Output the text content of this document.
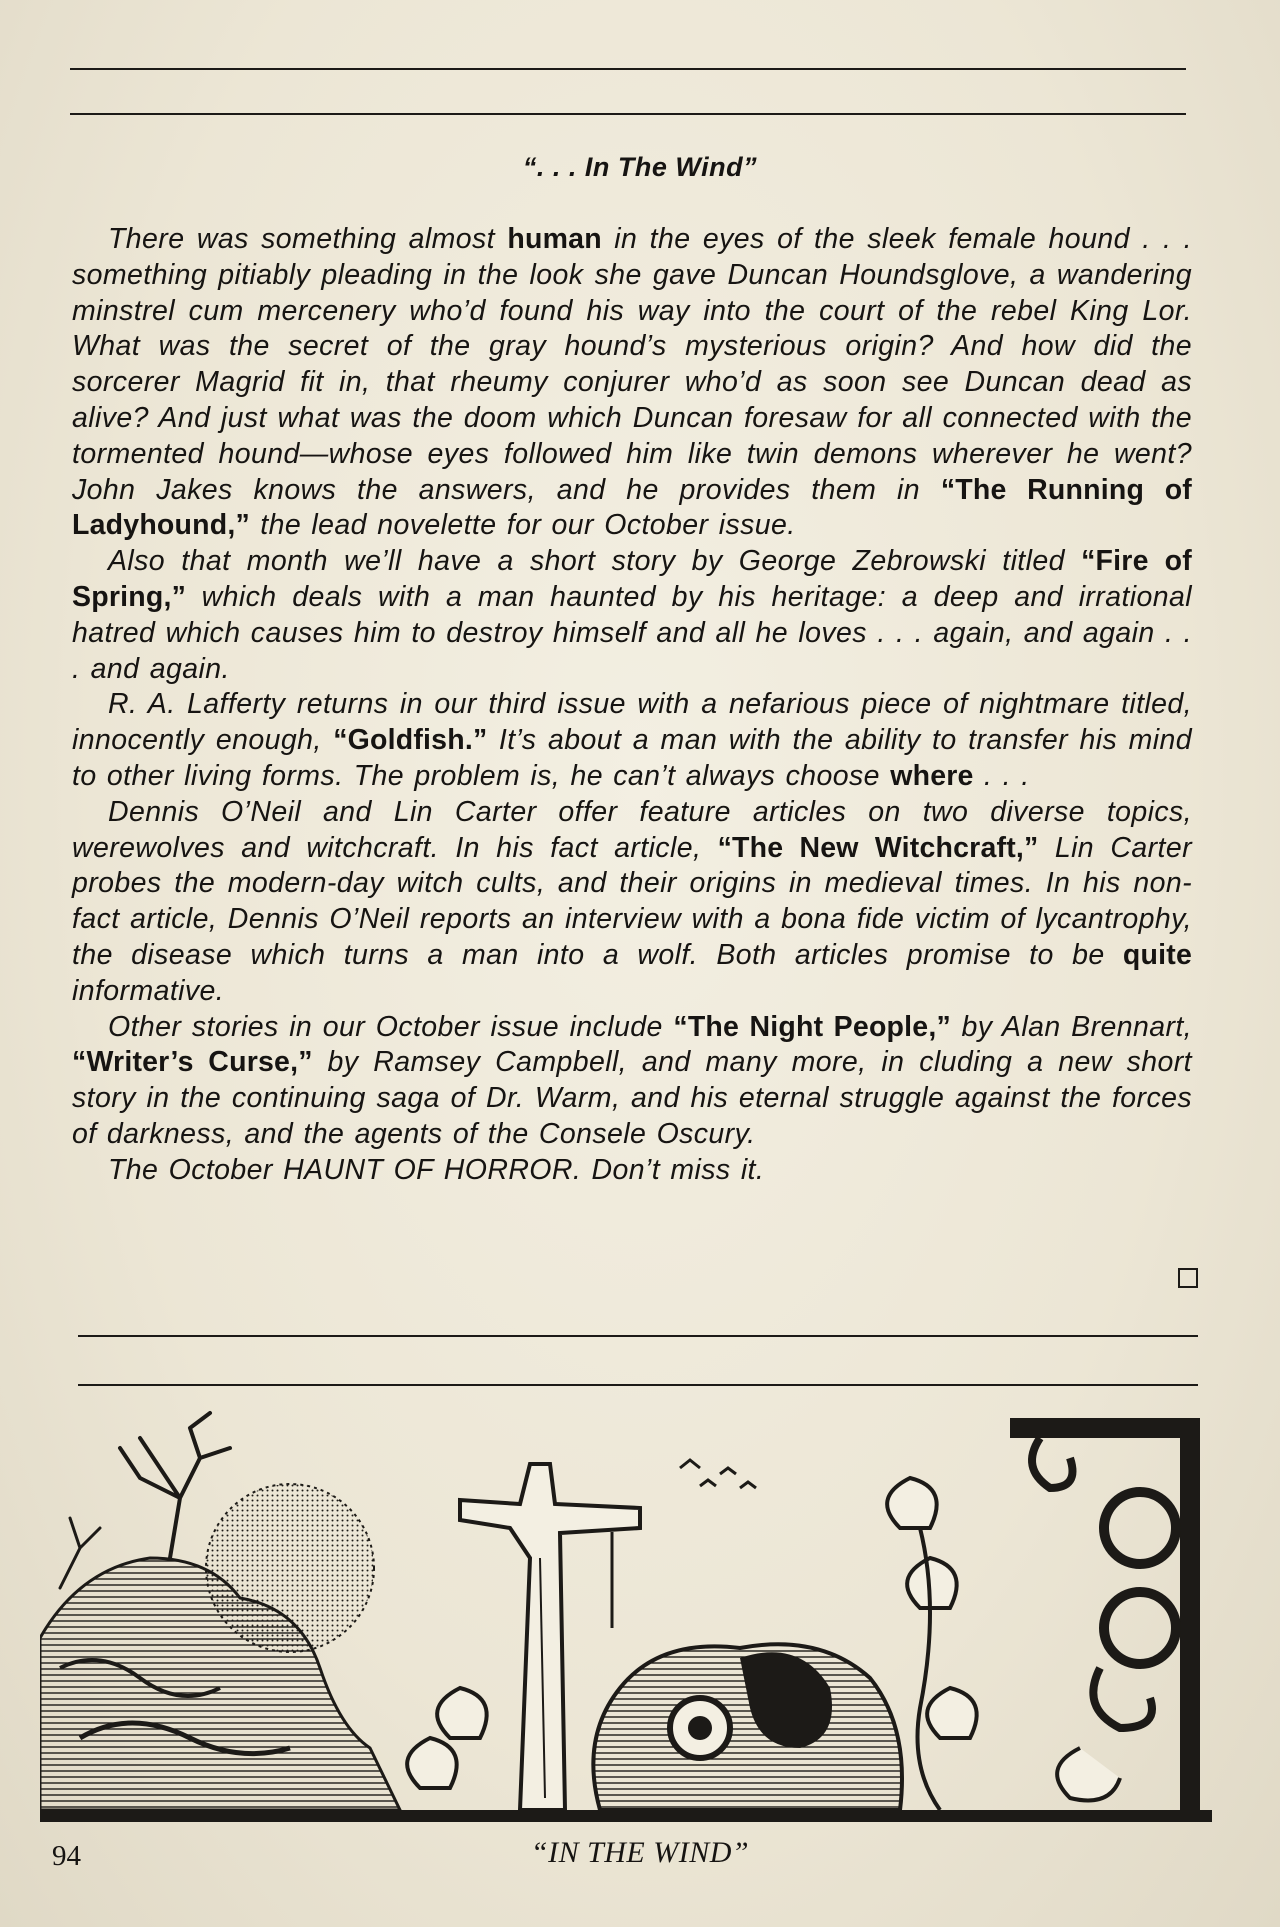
“. . . In The Wind”

There was something almost human in the eyes of the sleek female hound . . . something pitiably pleading in the look she gave Duncan Houndsglove, a wandering minstrel cum mercenery who’d found his way into the court of the rebel King Lor. What was the secret of the gray hound’s mysterious origin? And how did the sorcerer Magrid fit in, that rheumy conjurer who’d as soon see Duncan dead as alive? And just what was the doom which Duncan foresaw for all connected with the tormented hound—whose eyes followed him like twin demons wherever he went? John Jakes knows the answers, and he provides them in “The Running of Ladyhound,” the lead novelette for our October issue.

Also that month we’ll have a short story by George Zebrowski titled “Fire of Spring,” which deals with a man haunted by his heritage: a deep and irrational hatred which causes him to destroy himself and all he loves . . . again, and again . . . and again.

R. A. Lafferty returns in our third issue with a nefarious piece of nightmare titled, innocently enough, “Goldfish.” It’s about a man with the ability to transfer his mind to other living forms. The problem is, he can’t always choose where . . .

Dennis O’Neil and Lin Carter offer feature articles on two diverse topics, werewolves and witchcraft. In his fact article, “The New Witchcraft,” Lin Carter probes the modern-day witch cults, and their origins in medieval times. In his non-fact article, Dennis O’Neil reports an interview with a bona fide victim of lycantrophy, the disease which turns a man into a wolf. Both articles promise to be quite informative.

Other stories in our October issue include “The Night People,” by Alan Brennart, “Writer’s Curse,” by Ramsey Campbell, and many more, in cluding a new short story in the continuing saga of Dr. Warm, and his eternal struggle against the forces of darkness, and the agents of the Consele Oscury.

The October HAUNT OF HORROR. Don’t miss it.

94	“IN THE WIND”
